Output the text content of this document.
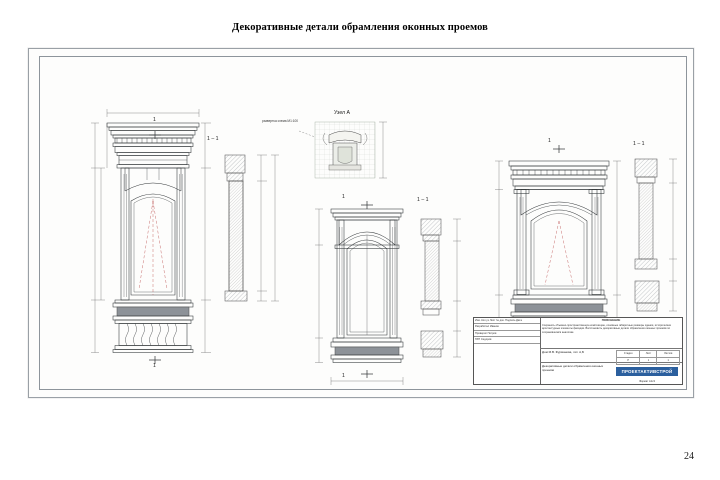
Декоративные детали обрамления оконных проемов
1 – 1
1
1
Узел А
развертка схема М1:100
1 – 1
1
1
1 – 1
1
Изм. Кол.уч Лист № док. Подпись Дата
Разработал Иванов
Проверил Петров
ГИП Сидоров
ПОЯСНЕНИЕ
Сохранить объемно-пространственную композицию, основные габаритные размеры здания, исторические архитектурные элементы фасадов. Восстановить декоративные детали обрамления оконных проемов по сохранившимся аналогам.
Дом М.В. Фурманова, лит. А,Б
Декоративные детали обрамления оконных проемов
Стадия	Лист	Листов
Р	1	1
ПРОЕКТАКТИВСТРОЙ
Формат А1х3
24
